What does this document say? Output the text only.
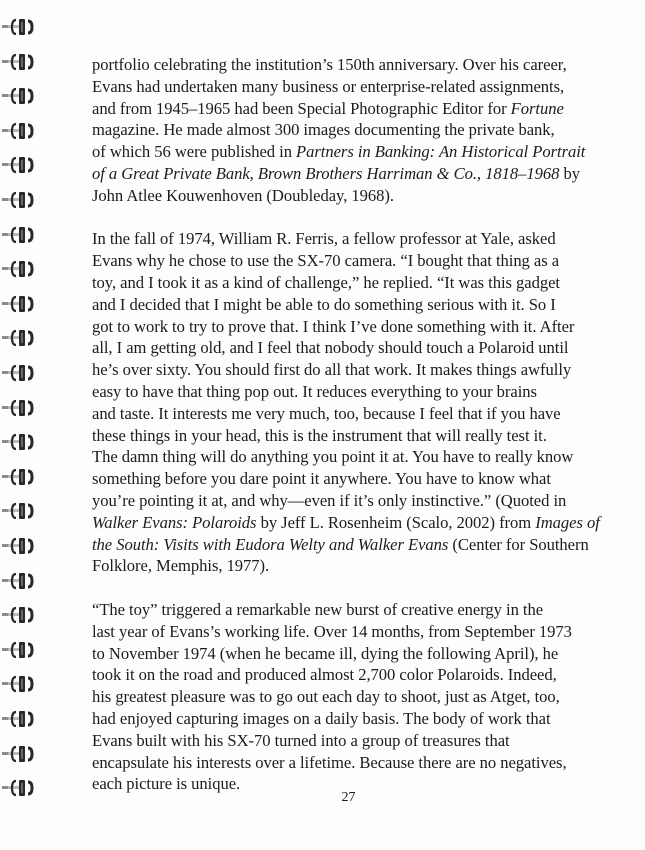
portfolio celebrating the institution’s 150th anniversary. Over his career,
Evans had undertaken many business or enterprise-related assignments,
and from 1945–1965 had been Special Photographic Editor for Fortune
magazine. He made almost 300 images documenting the private bank,
of which 56 were published in Partners in Banking: An Historical Portrait
of a Great Private Bank, Brown Brothers Harriman & Co., 1818–1968 by
John Atlee Kouwenhoven (Doubleday, 1968).
In the fall of 1974, William R. Ferris, a fellow professor at Yale, asked
Evans why he chose to use the SX-70 camera. “I bought that thing as a
toy, and I took it as a kind of challenge,” he replied. “It was this gadget
and I decided that I might be able to do something serious with it. So I
got to work to try to prove that. I think I’ve done something with it. After
all, I am getting old, and I feel that nobody should touch a Polaroid until
he’s over sixty. You should first do all that work. It makes things awfully
easy to have that thing pop out. It reduces everything to your brains
and taste. It interests me very much, too, because I feel that if you have
these things in your head, this is the instrument that will really test it.
The damn thing will do anything you point it at. You have to really know
something before you dare point it anywhere. You have to know what
you’re pointing it at, and why—even if it’s only instinctive.” (Quoted in
Walker Evans: Polaroids by Jeff L. Rosenheim (Scalo, 2002) from Images of
the South: Visits with Eudora Welty and Walker Evans (Center for Southern
Folklore, Memphis, 1977).
“The toy” triggered a remarkable new burst of creative energy in the
last year of Evans’s working life. Over 14 months, from September 1973
to November 1974 (when he became ill, dying the following April), he
took it on the road and produced almost 2,700 color Polaroids. Indeed,
his greatest pleasure was to go out each day to shoot, just as Atget, too,
had enjoyed capturing images on a daily basis. The body of work that
Evans built with his SX-70 turned into a group of treasures that
encapsulate his interests over a lifetime. Because there are no negatives,
each picture is unique.
27
